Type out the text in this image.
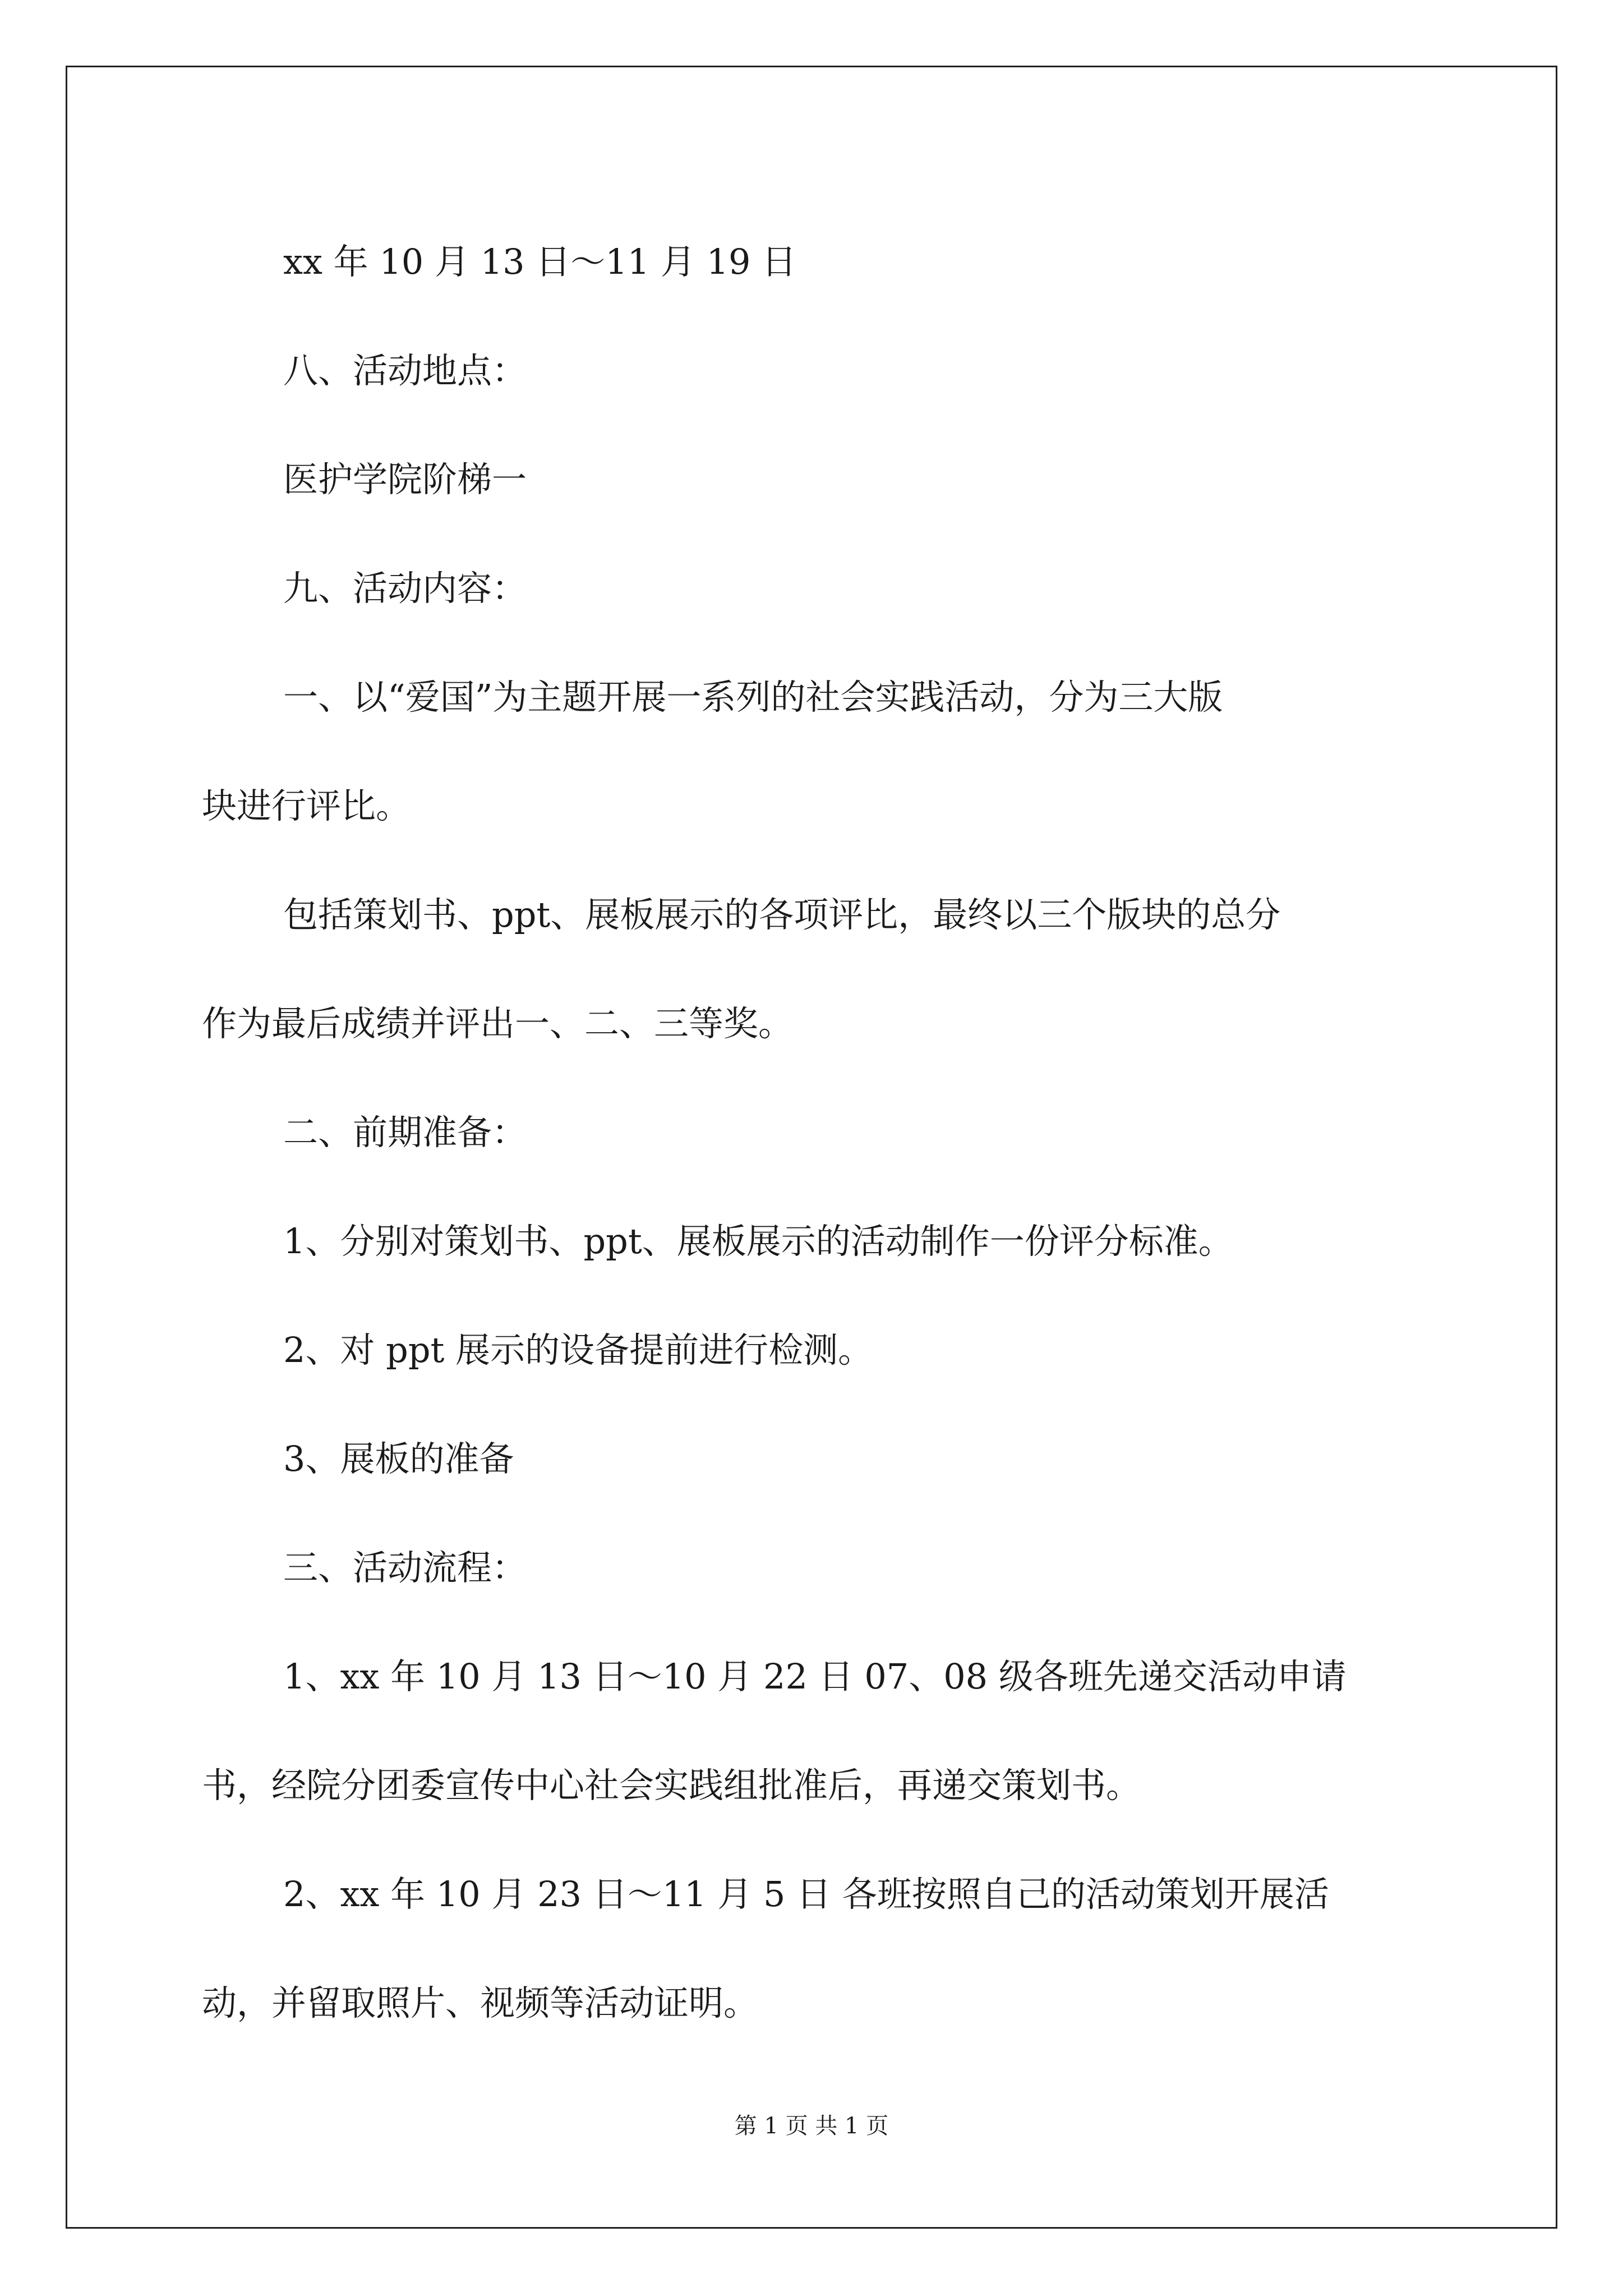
xx 年 10 月 13 日～11 月 19 日

八、活动地点：

医护学院阶梯一

九、活动内容：

一、以“爱国”为主题开展一系列的社会实践活动，分为三大版

块进行评比。

包括策划书、ppt、展板展示的各项评比，最终以三个版块的总分

作为最后成绩并评出一、二、三等奖。

二、前期准备：

1、分别对策划书、ppt、展板展示的活动制作一份评分标准。

2、对 ppt 展示的设备提前进行检测。

3、展板的准备

三、活动流程：

1、xx 年 10 月 13 日～10 月 22 日 07、08 级各班先递交活动申请

书，经院分团委宣传中心社会实践组批准后，再递交策划书。

2、xx 年 10 月 23 日～11 月 5 日 各班按照自己的活动策划开展活

动，并留取照片、视频等活动证明。

第 1 页 共 1 页
